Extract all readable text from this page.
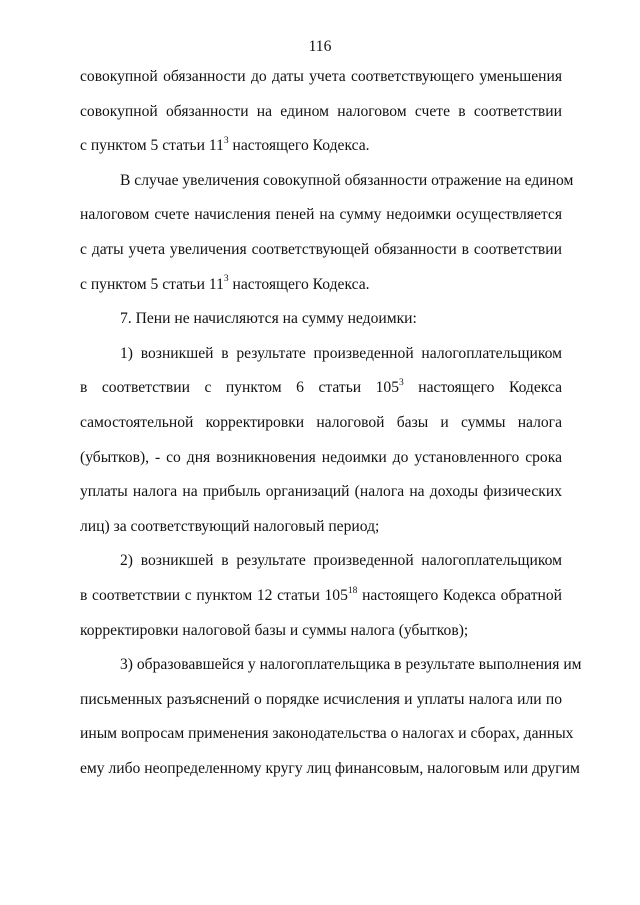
116
совокупной обязанности до даты учета соответствующего уменьшения
совокупной обязанности на едином налоговом счете в соответствии
с пунктом 5 статьи $11^3$ настоящего Кодекса.
В случае увеличения совокупной обязанности отражение на едином
налоговом счете начисления пеней на сумму недоимки осуществляется
с даты учета увеличения соответствующей обязанности в соответствии
с пунктом 5 статьи $11^3$ настоящего Кодекса.
7. Пени не начисляются на сумму недоимки:
1) возникшей в результате произведенной налогоплательщиком
в соответствии с пунктом 6 статьи $105^3$ настоящего Кодекса
самостоятельной корректировки налоговой базы и суммы налога
(убытков), - со дня возникновения недоимки до установленного срока
уплаты налога на прибыль организаций (налога на доходы физических
лиц) за соответствующий налоговый период;
2) возникшей в результате произведенной налогоплательщиком
в соответствии с пунктом 12 статьи $105^{18}$ настоящего Кодекса обратной
корректировки налоговой базы и суммы налога (убытков);
3) образовавшейся у налогоплательщика в результате выполнения им
письменных разъяснений о порядке исчисления и уплаты налога или по
иным вопросам применения законодательства о налогах и сборах, данных
ему либо неопределенному кругу лиц финансовым, налоговым или другим
